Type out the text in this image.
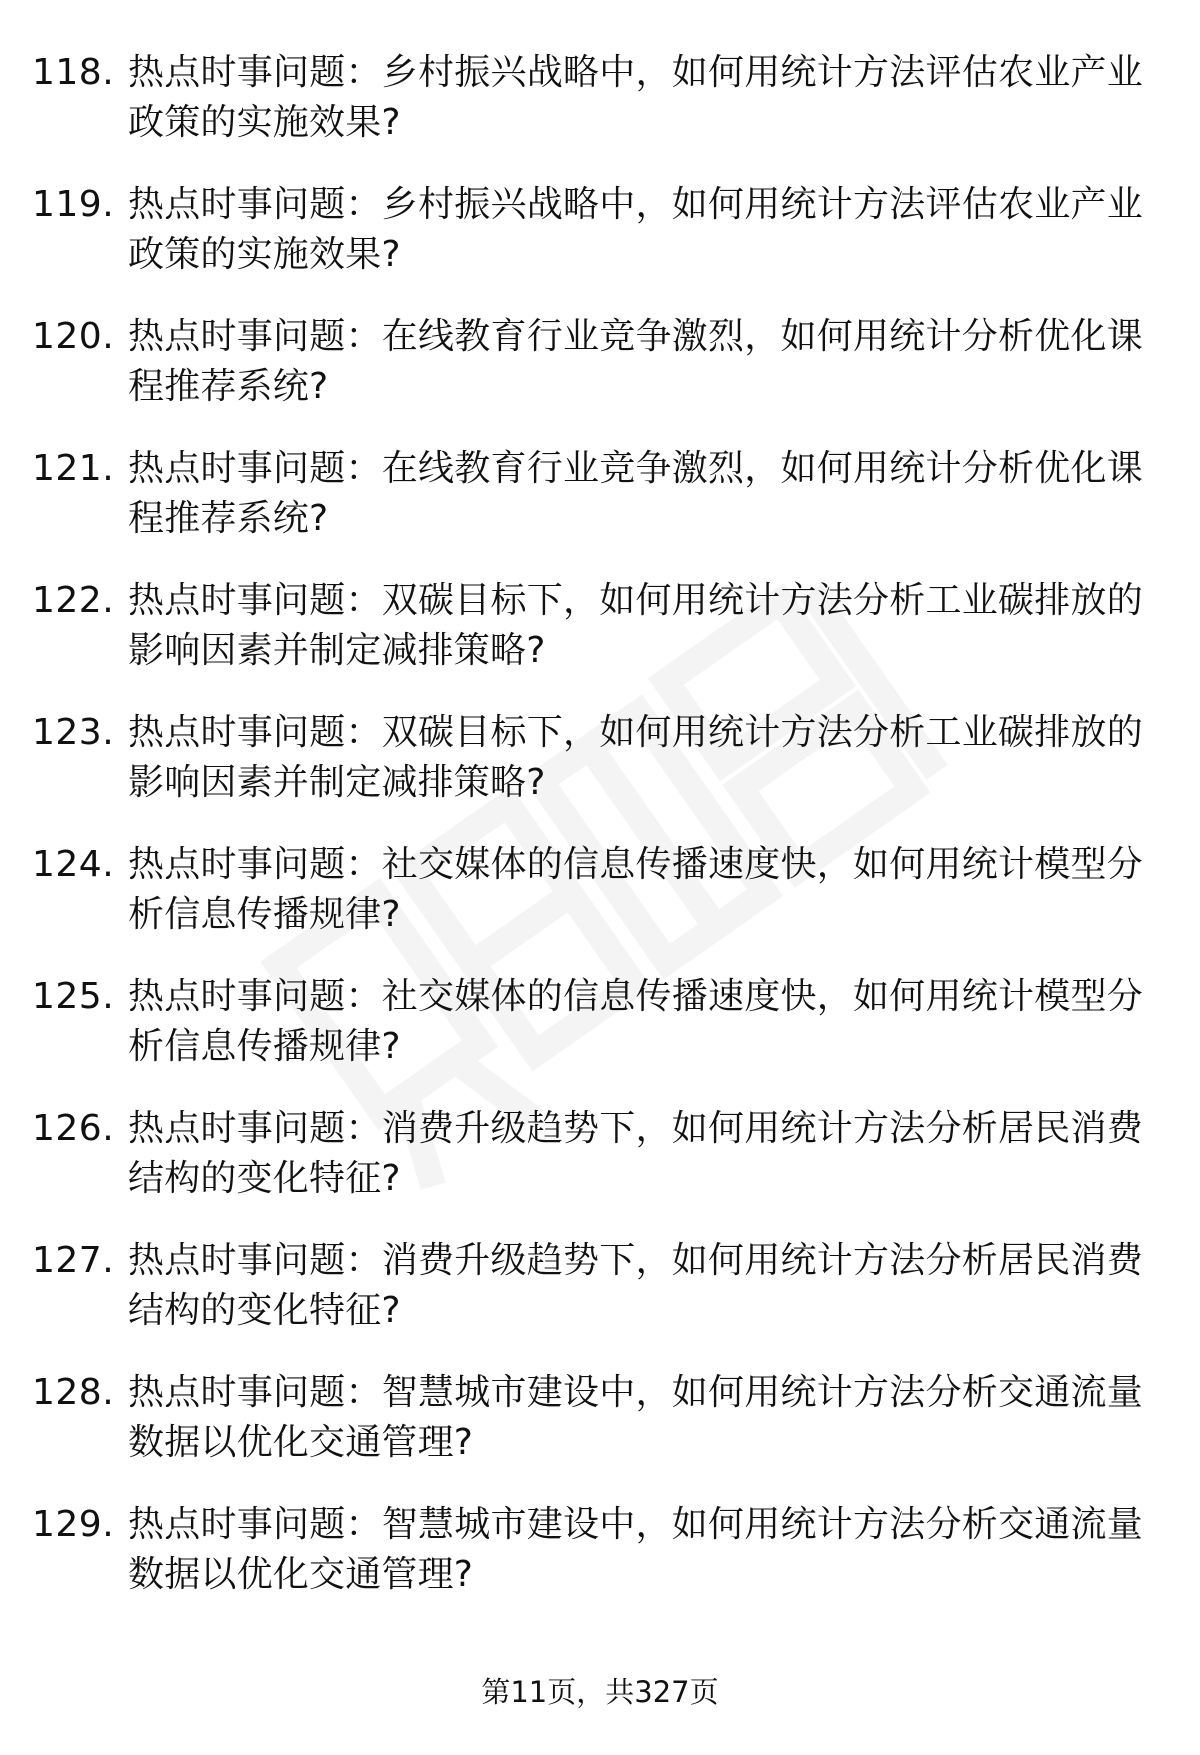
118. 热点时事问题：乡村振兴战略中，如何用统计方法评估农业产业政策的实施效果?
119. 热点时事问题：乡村振兴战略中，如何用统计方法评估农业产业政策的实施效果?
120. 热点时事问题：在线教育行业竞争激烈，如何用统计分析优化课程推荐系统?
121. 热点时事问题：在线教育行业竞争激烈，如何用统计分析优化课程推荐系统?
122. 热点时事问题：双碳目标下，如何用统计方法分析工业碳排放的影响因素并制定减排策略?
123. 热点时事问题：双碳目标下，如何用统计方法分析工业碳排放的影响因素并制定减排策略?
124. 热点时事问题：社交媒体的信息传播速度快，如何用统计模型分析信息传播规律?
125. 热点时事问题：社交媒体的信息传播速度快，如何用统计模型分析信息传播规律?
126. 热点时事问题：消费升级趋势下，如何用统计方法分析居民消费结构的变化特征?
127. 热点时事问题：消费升级趋势下，如何用统计方法分析居民消费结构的变化特征?
128. 热点时事问题：智慧城市建设中，如何用统计方法分析交通流量数据以优化交通管理?
129. 热点时事问题：智慧城市建设中，如何用统计方法分析交通流量数据以优化交通管理?
第11页，共327页
